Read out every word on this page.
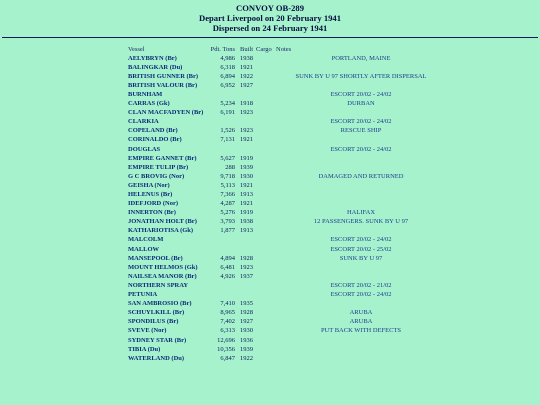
CONVOY OB-289
Depart Liverpool on 20 February 1941
Dispersed on 24 February 1941
Vessel	Pdt. Tons	Built	Cargo	Notes
AELYBRYN (Br)	4,986	1938		PORTLAND, MAINE
BALINGKAR (Du)	6,318	1921		
BRITISH GUNNER (Br)	6,894	1922		SUNK BY U 97 SHORTLY AFTER DISPERSAL
BRITISH VALOUR (Br)	6,952	1927		
BURNHAM				ESCORT 20/02 - 24/02
CARRAS (Gk)	5,234	1918		DURBAN
CLAN MACFADYEN (Br)	6,191	1923		
CLARKIA				ESCORT 20/02 - 24/02
COPELAND (Br)	1,526	1923		RESCUE SHIP
CORINALDO (Br)	7,131	1921		
DOUGLAS				ESCORT 20/02 - 24/02
EMPIRE GANNET (Br)	5,627	1919		
EMPIRE TULIP (Br)	288	1939		
G C BROVIG (Nor)	9,718	1930		DAMAGED AND RETURNED
GEISHA (Nor)	5,113	1921		
HELENUS (Br)	7,366	1913		
IDEFJORD (Nor)	4,287	1921		
INNERTON (Br)	5,276	1919		HALIFAX
JONATHAN HOLT (Br)	3,793	1938		12 PASSENGERS. SUNK BY U 97
KATHARIOTISA (Gk)	1,877	1913		
MALCOLM				ESCORT 20/02 - 24/02
MALLOW				ESCORT 20/02 - 25/02
MANSEPOOL (Br)	4,894	1928		SUNK BY U 97
MOUNT HELMOS (Gk)	6,481	1923		
NAILSEA MANOR (Br)	4,926	1937		
NORTHERN SPRAY				ESCORT 20/02 - 21/02
PETUNIA				ESCORT 20/02 - 24/02
SAN AMBROSIO (Br)	7,410	1935		
SCHUYLKILL (Br)	8,965	1928		ARUBA
SPONDILUS (Br)	7,402	1927		ARUBA
SVEVE (Nor)	6,313	1930		PUT BACK WITH DEFECTS
SYDNEY STAR (Br)	12,696	1936		
TIBIA (Du)	10,356	1939		
WATERLAND (Du)	6,847	1922		
